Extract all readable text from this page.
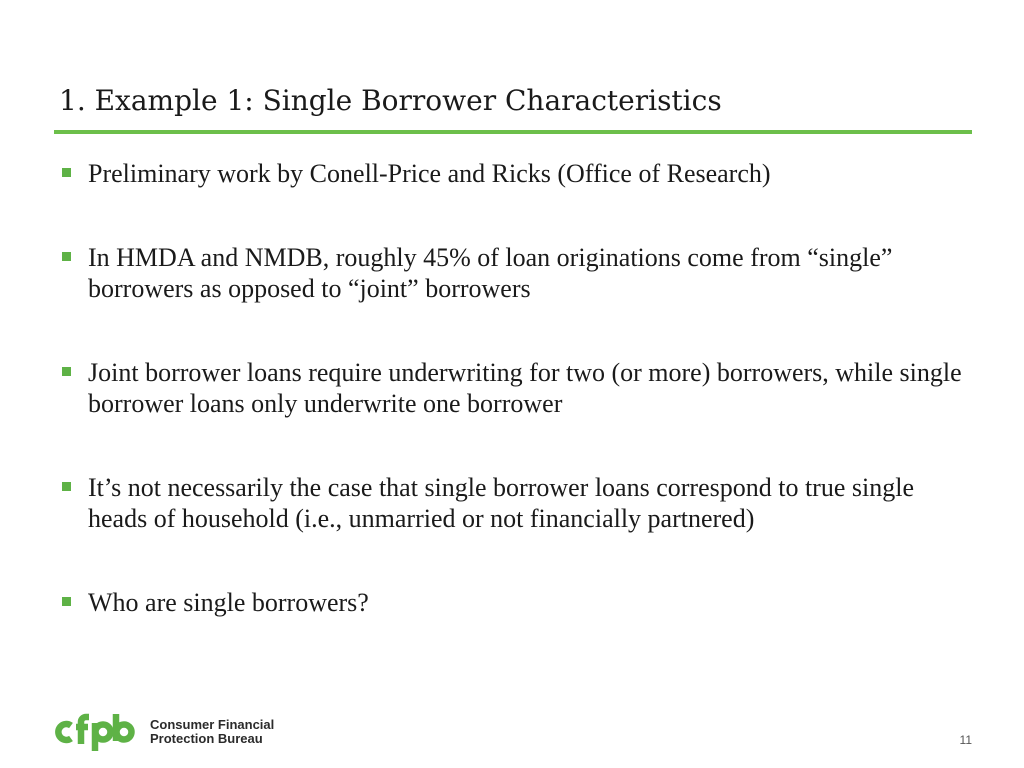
1. Example 1: Single Borrower Characteristics
Preliminary work by Conell-Price and Ricks (Office of Research)
In HMDA and NMDB, roughly 45% of loan originations come from “single” borrowers as opposed to “joint” borrowers
Joint borrower loans require underwriting for two (or more) borrowers, while single borrower loans only underwrite one borrower
It’s not necessarily the case that single borrower loans correspond to true single heads of household (i.e., unmarried or not financially partnered)
Who are single borrowers?
Consumer Financial
Protection Bureau	11
